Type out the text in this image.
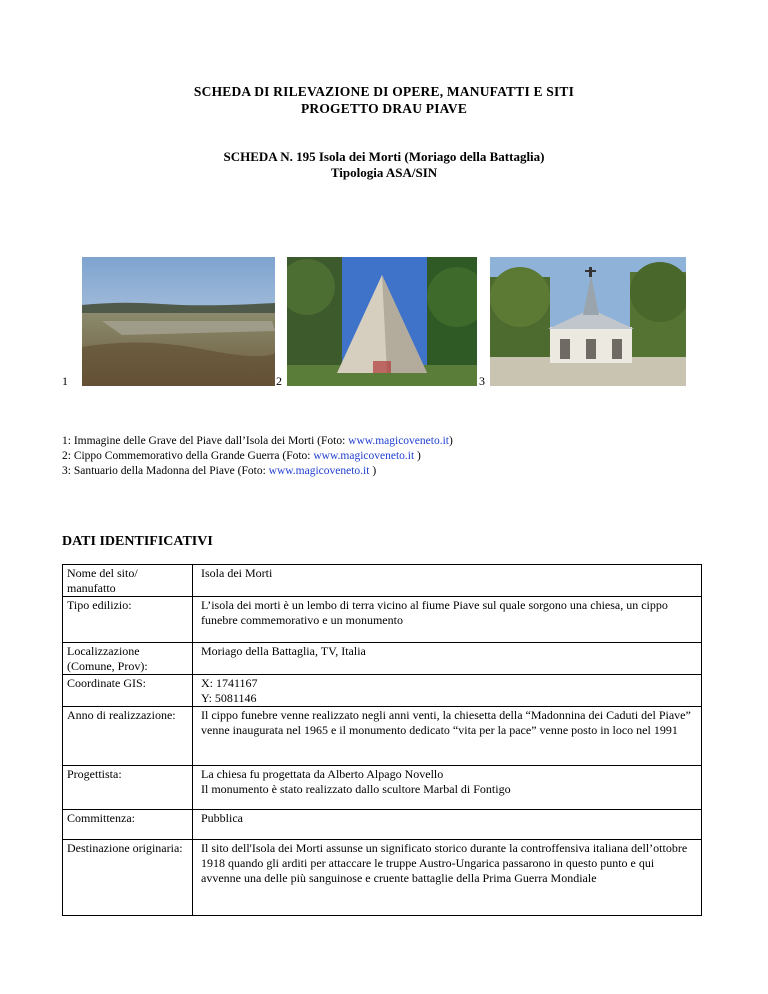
SCHEDA DI RILEVAZIONE DI OPERE, MANUFATTI E SITI
PROGETTO DRAU PIAVE
SCHEDA N. 195 Isola dei Morti (Moriago della Battaglia)
Tipologia ASA/SIN
1	2	3
1: Immagine delle Grave del Piave dall’Isola dei Morti (Foto: www.magicoveneto.it)
2: Cippo Commemorativo della Grande Guerra (Foto: www.magicoveneto.it )
3: Santuario della Madonna del Piave (Foto: www.magicoveneto.it )
DATI IDENTIFICATIVI
Nome del sito/ manufatto	Isola dei Morti
Tipo edilizio:	L’isola dei morti è un lembo di terra vicino al fiume Piave sul quale sorgono una chiesa, un cippo funebre commemorativo e un monumento
Localizzazione (Comune, Prov):	Moriago della Battaglia, TV, Italia
Coordinate GIS:	X: 1741167
Y: 5081146

Anno di realizzazione:	Il cippo funebre venne realizzato negli anni venti, la chiesetta della “Madonnina dei Caduti del Piave” venne inaugurata nel 1965 e il monumento dedicato “vita per la pace” venne posto in loco nel 1991
Progettista:	La chiesa fu progettata da Alberto Alpago Novello
Il monumento è stato realizzato dallo scultore Marbal di Fontigo

Committenza:	Pubblica
Destinazione originaria:	Il sito dell'Isola dei Morti assunse un significato storico durante la controffensiva italiana dell’ottobre 1918 quando gli arditi per attaccare le truppe Austro-Ungarica passarono in questo punto e qui avvenne una delle più sanguinose e cruente battaglie della Prima Guerra Mondiale
